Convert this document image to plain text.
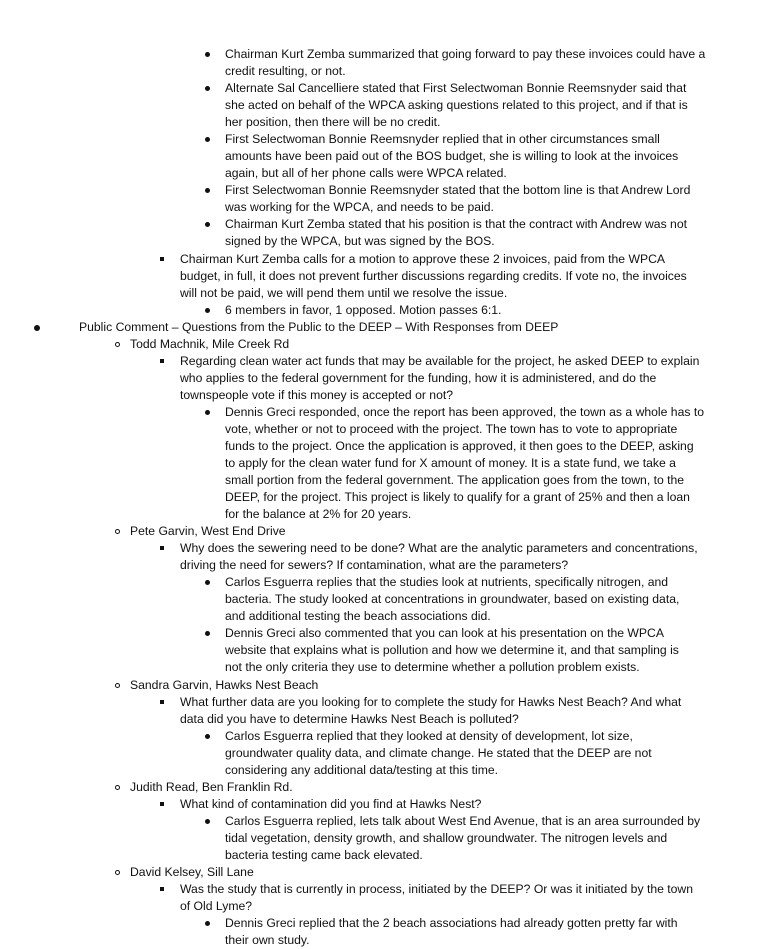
Chairman Kurt Zemba summarized that going forward to pay these invoices could have a
credit resulting, or not.
Alternate Sal Cancelliere stated that First Selectwoman Bonnie Reemsnyder said that
she acted on behalf of the WPCA asking questions related to this project, and if that is
her position, then there will be no credit.
First Selectwoman Bonnie Reemsnyder replied that in other circumstances small
amounts have been paid out of the BOS budget, she is willing to look at the invoices
again, but all of her phone calls were WPCA related.
First Selectwoman Bonnie Reemsnyder stated that the bottom line is that Andrew Lord
was working for the WPCA, and needs to be paid.
Chairman Kurt Zemba stated that his position is that the contract with Andrew was not
signed by the WPCA, but was signed by the BOS.
Chairman Kurt Zemba calls for a motion to approve these 2 invoices, paid from the WPCA
budget, in full, it does not prevent further discussions regarding credits. If vote no, the invoices
will not be paid, we will pend them until we resolve the issue.
6 members in favor, 1 opposed. Motion passes 6:1.
Public Comment – Questions from the Public to the DEEP – With Responses from DEEP
Todd Machnik, Mile Creek Rd
Regarding clean water act funds that may be available for the project, he asked DEEP to explain
who applies to the federal government for the funding, how it is administered, and do the
townspeople vote if this money is accepted or not?
Dennis Greci responded, once the report has been approved, the town as a whole has to
vote, whether or not to proceed with the project. The town has to vote to appropriate
funds to the project. Once the application is approved, it then goes to the DEEP, asking
to apply for the clean water fund for X amount of money. It is a state fund, we take a
small portion from the federal government. The application goes from the town, to the
DEEP, for the project. This project is likely to qualify for a grant of 25% and then a loan
for the balance at 2% for 20 years.
Pete Garvin, West End Drive
Why does the sewering need to be done? What are the analytic parameters and concentrations,
driving the need for sewers? If contamination, what are the parameters?
Carlos Esguerra replies that the studies look at nutrients, specifically nitrogen, and
bacteria. The study looked at concentrations in groundwater, based on existing data,
and additional testing the beach associations did.
Dennis Greci also commented that you can look at his presentation on the WPCA
website that explains what is pollution and how we determine it, and that sampling is
not the only criteria they use to determine whether a pollution problem exists.
Sandra Garvin, Hawks Nest Beach
What further data are you looking for to complete the study for Hawks Nest Beach? And what
data did you have to determine Hawks Nest Beach is polluted?
Carlos Esguerra replied that they looked at density of development, lot size,
groundwater quality data, and climate change. He stated that the DEEP are not
considering any additional data/testing at this time.
Judith Read, Ben Franklin Rd.
What kind of contamination did you find at Hawks Nest?
Carlos Esguerra replied, lets talk about West End Avenue, that is an area surrounded by
tidal vegetation, density growth, and shallow groundwater. The nitrogen levels and
bacteria testing came back elevated.
David Kelsey, Sill Lane
Was the study that is currently in process, initiated by the DEEP? Or was it initiated by the town
of Old Lyme?
Dennis Greci replied that the 2 beach associations had already gotten pretty far with
their own study.
